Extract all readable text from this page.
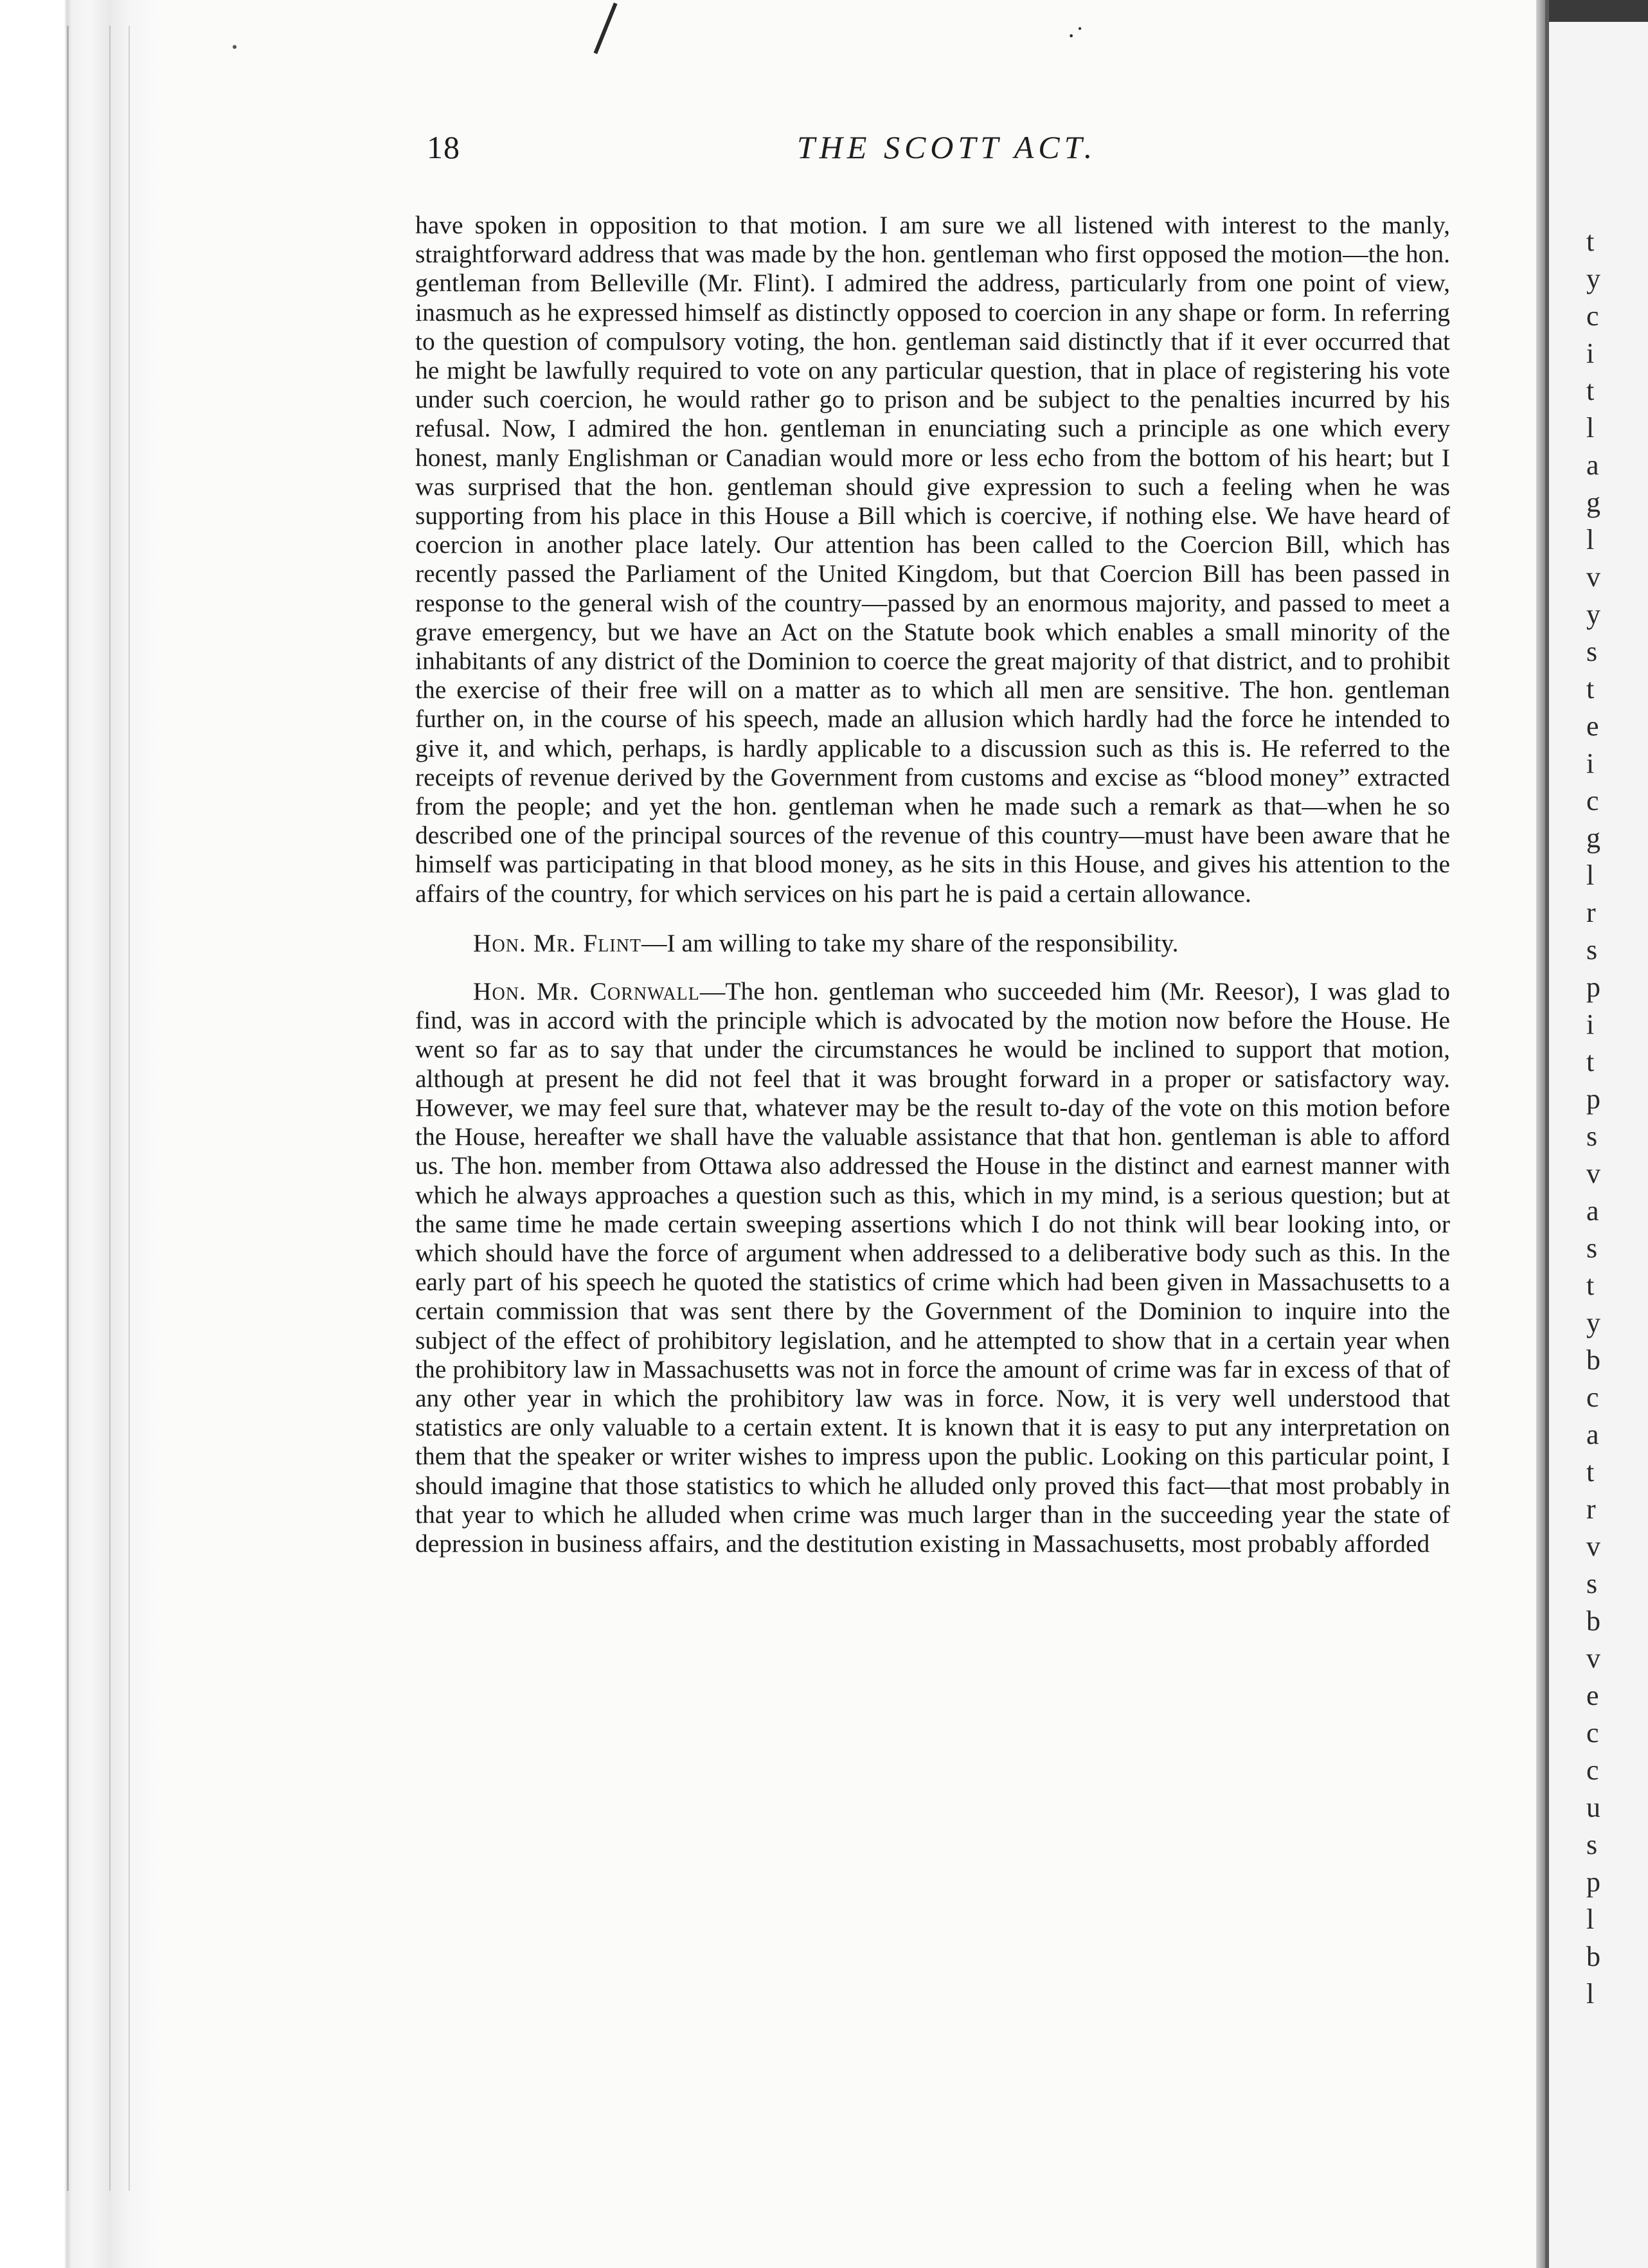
t
y
c
i
t
l
a
g
l
v
y
s
t
e
i
c
g
l
r
s
p
i
t
p
s
v
a
s
t
y
b
c
a
t
r
v
s
b
v
e
c
c
u
s
p
l
b
l
·˙
18	THE SCOTT ACT.

have spoken in opposition to that motion. I am sure we all listened with interest to the manly, straightforward address that was made by the hon. gentleman who first opposed the motion—the hon. gentleman from Belleville (Mr. Flint). I admired the address, particularly from one point of view, inasmuch as he expressed himself as distinctly opposed to coercion in any shape or form. In referring to the question of compulsory voting, the hon. gentleman said distinctly that if it ever occurred that he might be lawfully required to vote on any particular question, that in place of registering his vote under such coercion, he would rather go to prison and be subject to the penalties incurred by his refusal. Now, I admired the hon. gentleman in enunciating such a principle as one which every honest, manly Englishman or Canadian would more or less echo from the bottom of his heart; but I was surprised that the hon. gentleman should give expression to such a feeling when he was supporting from his place in this House a Bill which is coercive, if nothing else. We have heard of coercion in another place lately. Our attention has been called to the Coercion Bill, which has recently passed the Parliament of the United Kingdom, but that Coercion Bill has been passed in response to the general wish of the country—passed by an enormous majority, and passed to meet a grave emergency, but we have an Act on the Statute book which enables a small minority of the inhabitants of any district of the Dominion to coerce the great majority of that district, and to prohibit the exercise of their free will on a matter as to which all men are sensitive. The hon. gentleman further on, in the course of his speech, made an allusion which hardly had the force he intended to give it, and which, perhaps, is hardly applicable to a discussion such as this is. He referred to the receipts of revenue derived by the Government from customs and excise as “blood money” extracted from the people; and yet the hon. gentleman when he made such a remark as that—when he so described one of the principal sources of the revenue of this country—must have been aware that he himself was participating in that blood money, as he sits in this House, and gives his attention to the affairs of the country, for which services on his part he is paid a certain allowance.

Hon. Mr. Flint—I am willing to take my share of the responsibility.

Hon. Mr. Cornwall—The hon. gentleman who succeeded him (Mr. Reesor), I was glad to find, was in accord with the principle which is advocated by the motion now before the House. He went so far as to say that under the circumstances he would be inclined to support that motion, although at present he did not feel that it was brought forward in a proper or satisfactory way. However, we may feel sure that, whatever may be the result to-day of the vote on this motion before the House, hereafter we shall have the valuable assistance that that hon. gentleman is able to afford us. The hon. member from Ottawa also addressed the House in the distinct and earnest manner with which he always approaches a question such as this, which in my mind, is a serious question; but at the same time he made certain sweeping assertions which I do not think will bear looking into, or which should have the force of argument when addressed to a deliberative body such as this. In the early part of his speech he quoted the statistics of crime which had been given in Massachusetts to a certain commission that was sent there by the Government of the Dominion to inquire into the subject of the effect of prohibitory legislation, and he attempted to show that in a certain year when the prohibitory law in Massachusetts was not in force the amount of crime was far in excess of that of any other year in which the prohibitory law was in force. Now, it is very well understood that statistics are only valuable to a certain extent. It is known that it is easy to put any interpretation on them that the speaker or writer wishes to impress upon the public. Looking on this particular point, I should imagine that those statistics to which he alluded only proved this fact—that most probably in that year to which he alluded when crime was much larger than in the succeeding year the state of depression in business affairs, and the destitution existing in Massachusetts, most probably afforded
